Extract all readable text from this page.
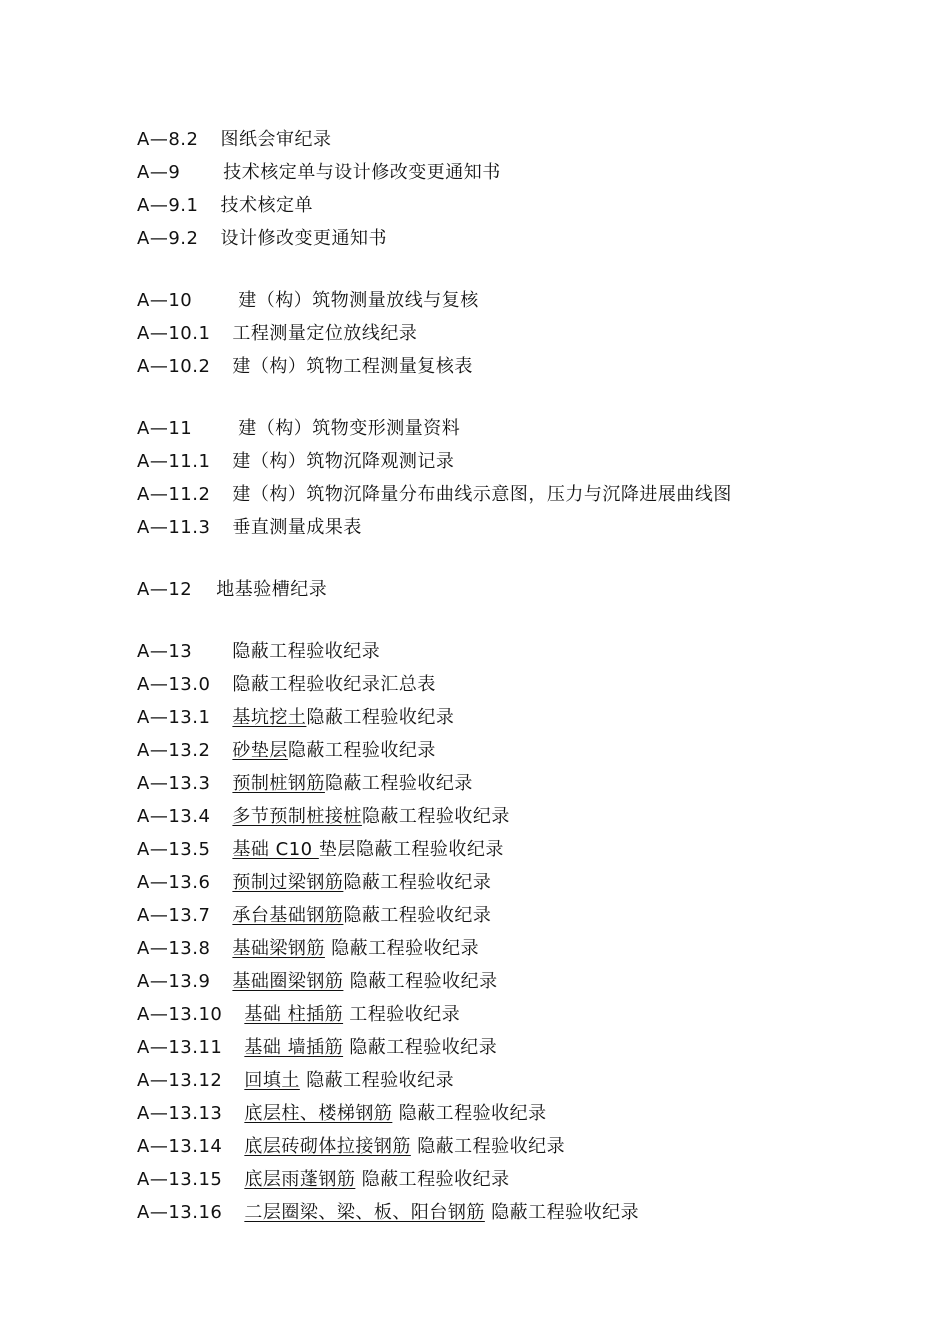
A—8.2 图纸会审纪录
A—9 技术核定单与设计修改变更通知书
A—9.1 技术核定单
A—9.2 设计修改变更通知书
A—10	建（构）筑物测量放线与复核
A—10.1 工程测量定位放线纪录
A—10.2 建（构）筑物工程测量复核表
A—11	建（构）筑物变形测量资料
A—11.1 建（构）筑物沉降观测记录
A—11.2 建（构）筑物沉降量分布曲线示意图，压力与沉降进展曲线图
A—11.3 垂直测量成果表
A—12 地基验槽纪录
A—13 隐蔽工程验收纪录
A—13.0 隐蔽工程验收纪录汇总表
A—13.1 基坑挖土隐蔽工程验收纪录
A—13.2 砂垫层隐蔽工程验收纪录
A—13.3 预制桩钢筋隐蔽工程验收纪录
A—13.4 多节预制桩接桩隐蔽工程验收纪录
A—13.5 基础 C10 垫层隐蔽工程验收纪录
A—13.6 预制过梁钢筋隐蔽工程验收纪录
A—13.7 承台基础钢筋隐蔽工程验收纪录
A—13.8 基础梁钢筋 隐蔽工程验收纪录
A—13.9 基础圈梁钢筋 隐蔽工程验收纪录
A—13.10 基础 柱插筋 工程验收纪录
A—13.11 基础 墙插筋 隐蔽工程验收纪录
A—13.12 回填土 隐蔽工程验收纪录
A—13.13 底层柱、楼梯钢筋 隐蔽工程验收纪录
A—13.14 底层砖砌体拉接钢筋 隐蔽工程验收纪录
A—13.15 底层雨蓬钢筋 隐蔽工程验收纪录
A—13.16 二层圈梁、梁、板、阳台钢筋 隐蔽工程验收纪录
